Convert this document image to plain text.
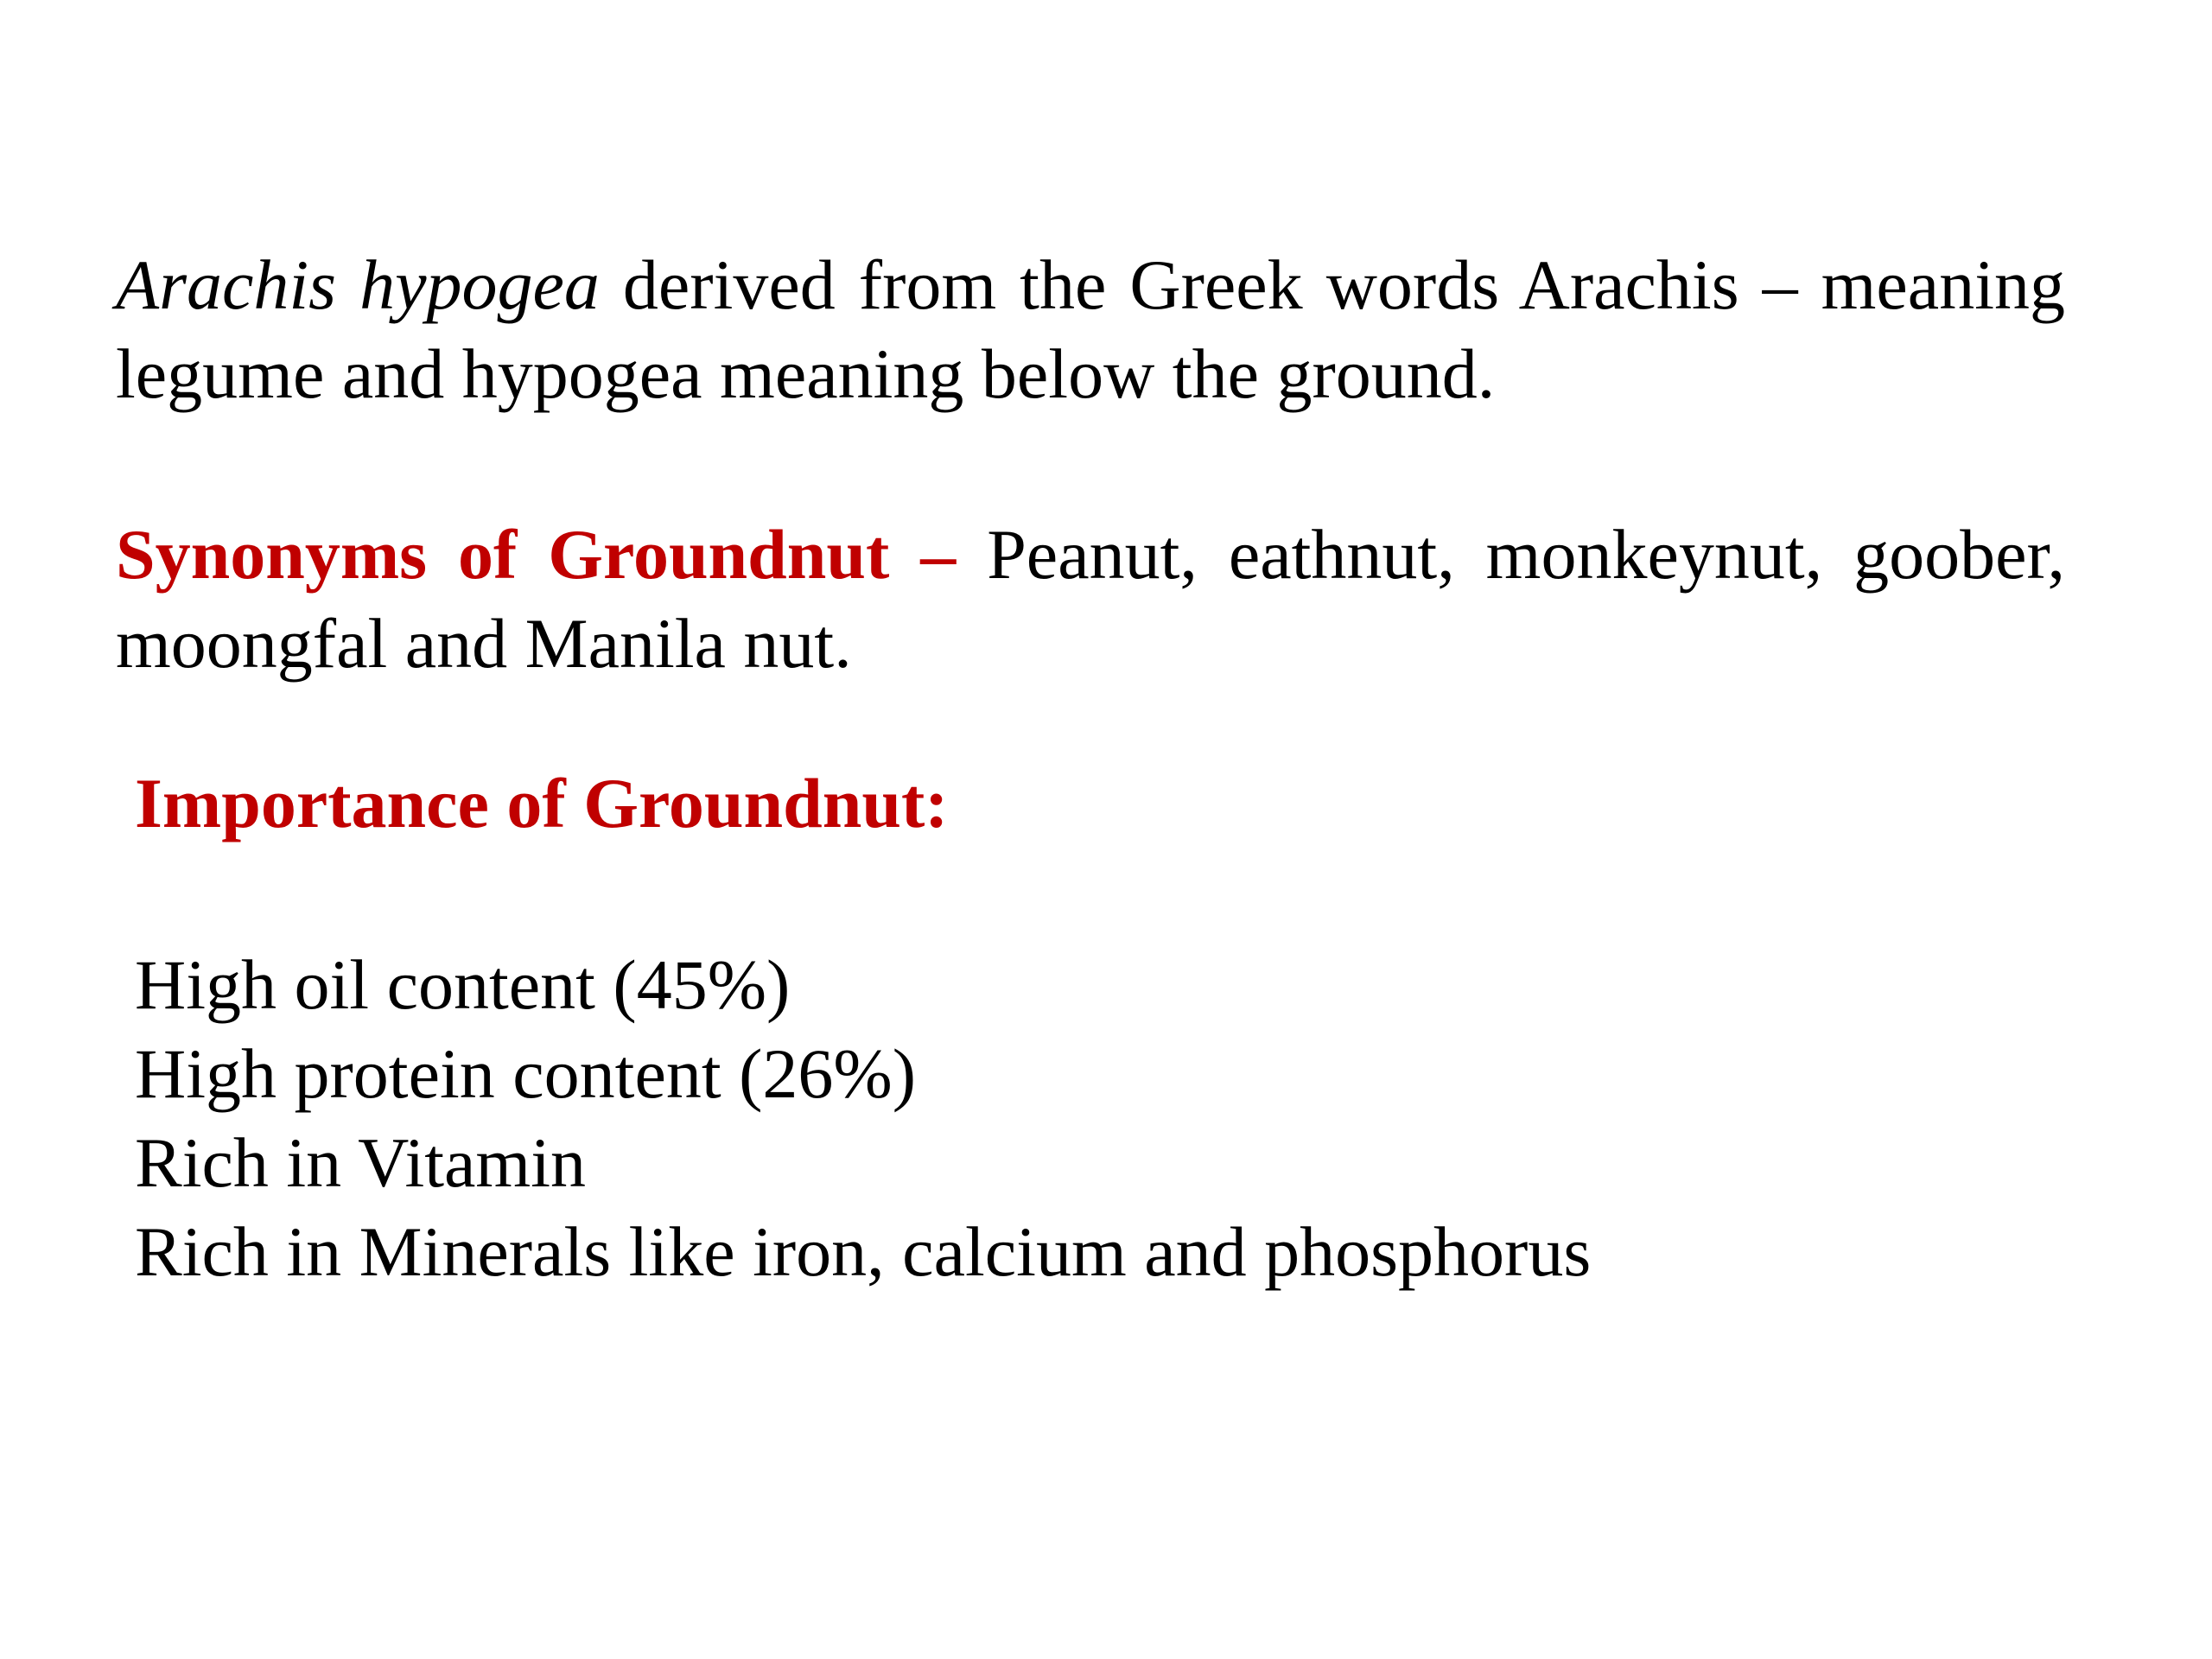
Arachis hypogea derived from the Greek words Arachis – meaning legume and hypogea meaning below the ground.

Synonyms of Groundnut – Peanut, eathnut, monkeynut, goober, moongfal and Manila nut.

Importance of Groundnut:
High oil content (45%)
High protein content (26%)
Rich in Vitamin
Rich in Minerals like iron, calcium and phosphorus
